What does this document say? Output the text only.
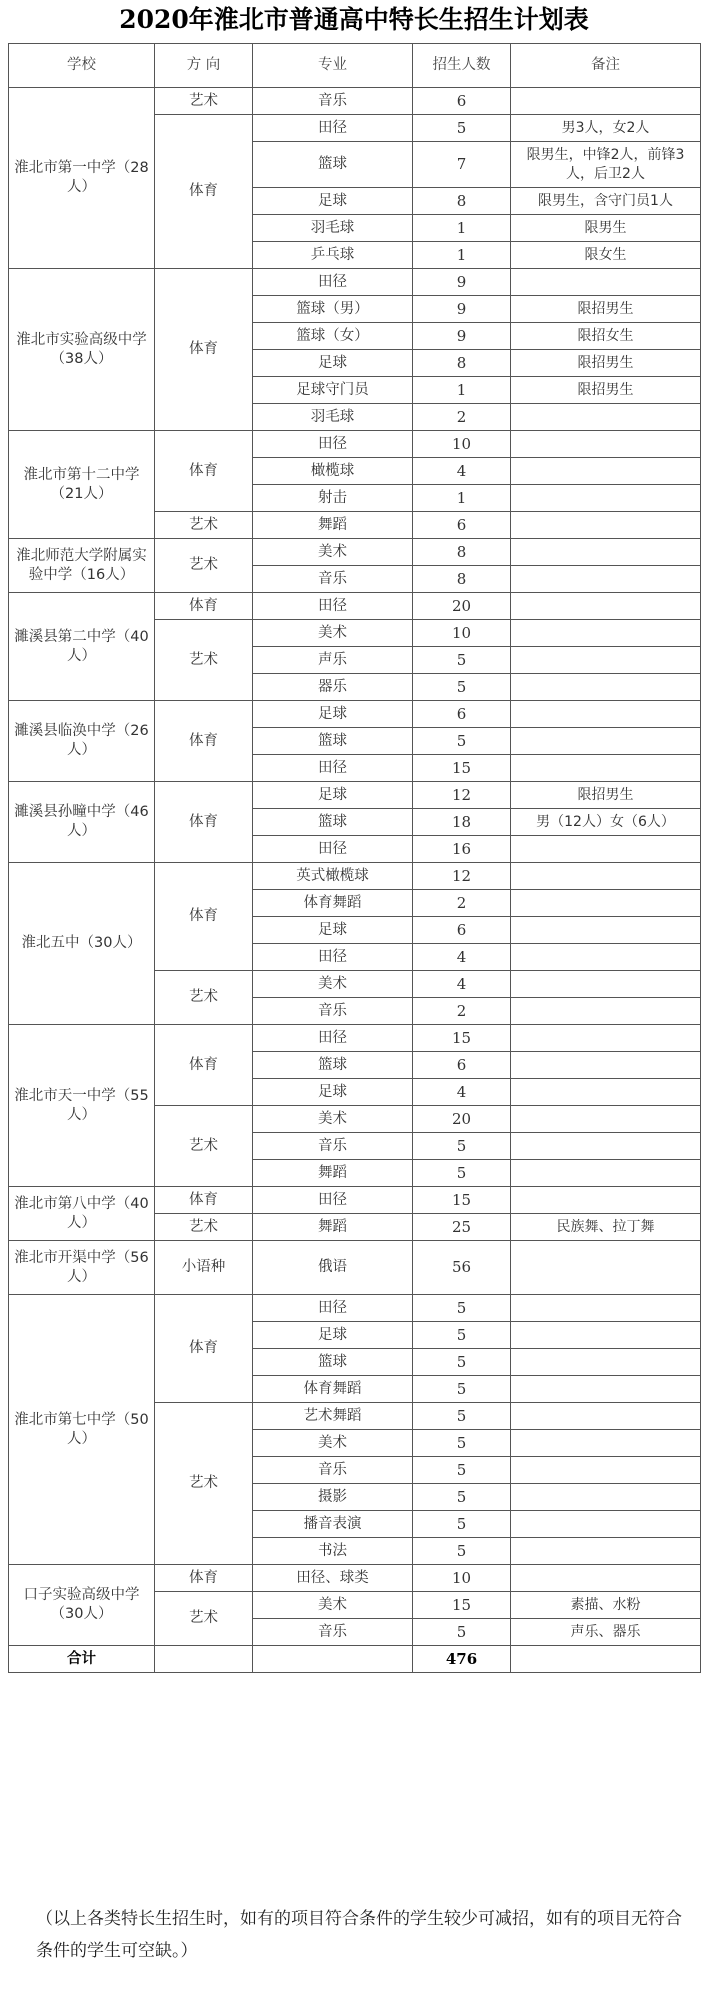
2020年淮北市普通高中特长生招生计划表
学校	方 向	专业	招生人数	备注
淮北市第一中学（28人）	艺术	音乐	6	
	体育	田径	5	男3人，女2人
		篮球	7	限男生，中锋2人，前锋3人，后卫2人
		足球	8	限男生，含守门员1人
		羽毛球	1	限男生
		乒乓球	1	限女生
淮北市实验高级中学（38人）	体育	田径	9	
		篮球（男）	9	限招男生
		篮球（女）	9	限招女生
		足球	8	限招男生
		足球守门员	1	限招男生
		羽毛球	2	
淮北市第十二中学 （21人）	体育	田径	10	
		橄榄球	4	
		射击	1	
	艺术	舞蹈	6	
淮北师范大学附属实验中学（16人）	艺术	美术	8	
		音乐	8	
濉溪县第二中学（40人）	体育	田径	20	
	艺术	美术	10	
		声乐	5	
		器乐	5	
濉溪县临涣中学（26人）	体育	足球	6	
		篮球	5	
		田径	15	
濉溪县孙疃中学（46人）	体育	足球	12	限招男生
		篮球	18	男（12人）女（6人）
		田径	16	
淮北五中（30人）	体育	英式橄榄球	12	
		体育舞蹈	2	
		足球	6	
		田径	4	
	艺术	美术	4	
		音乐	2	
淮北市天一中学（55人）	体育	田径	15	
		篮球	6	
		足球	4	
	艺术	美术	20	
		音乐	5	
		舞蹈	5	
淮北市第八中学（40人）	体育	田径	15	
	艺术	舞蹈	25	民族舞、拉丁舞
淮北市开渠中学（56人）	小语种	俄语	56	
淮北市第七中学（50人）	体育	田径	5	
		足球	5	
		篮球	5	
		体育舞蹈	5	
	艺术	艺术舞蹈	5	
		美术	5	
		音乐	5	
		摄影	5	
		播音表演	5	
		书法	5	
口子实验高级中学（30人）	体育	田径、球类	10	
	艺术	美术	15	素描、水粉
		音乐	5	声乐、器乐
合计			476	
（以上各类特长生招生时，如有的项目符合条件的学生较少可减招，如有的项目无符合条件的学生可空缺。）
